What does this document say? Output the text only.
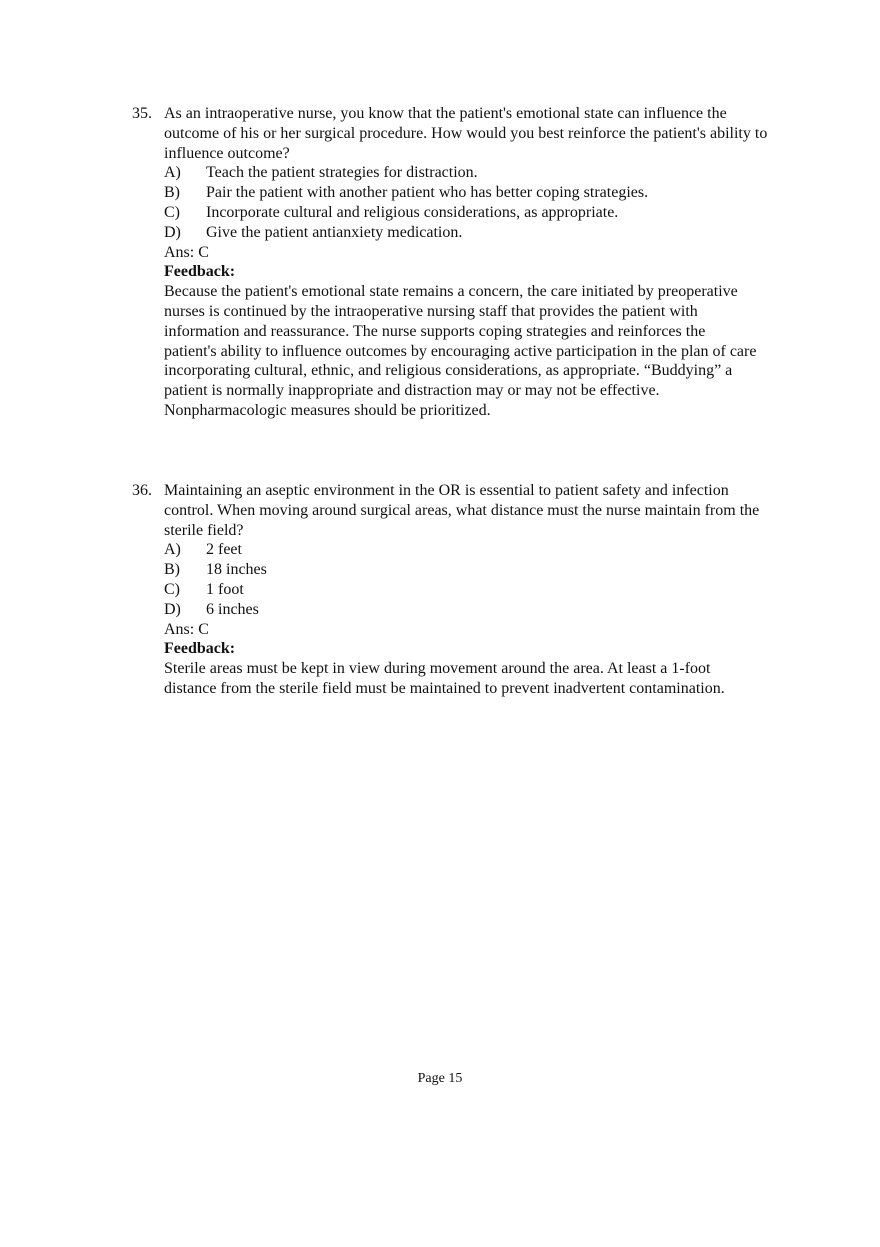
35. As an intraoperative nurse, you know that the patient's emotional state can influence the outcome of his or her surgical procedure. How would you best reinforce the patient's ability to influence outcome?
A) Teach the patient strategies for distraction.
B) Pair the patient with another patient who has better coping strategies.
C) Incorporate cultural and religious considerations, as appropriate.
D) Give the patient antianxiety medication.
Ans: C
Feedback:
Because the patient's emotional state remains a concern, the care initiated by preoperative nurses is continued by the intraoperative nursing staff that provides the patient with information and reassurance. The nurse supports coping strategies and reinforces the patient's ability to influence outcomes by encouraging active participation in the plan of care incorporating cultural, ethnic, and religious considerations, as appropriate. “Buddying” a patient is normally inappropriate and distraction may or may not be effective. Nonpharmacologic measures should be prioritized.
36. Maintaining an aseptic environment in the OR is essential to patient safety and infection control. When moving around surgical areas, what distance must the nurse maintain from the sterile field?
A) 2 feet
B) 18 inches
C) 1 foot
D) 6 inches
Ans: C
Feedback:
Sterile areas must be kept in view during movement around the area. At least a 1-foot distance from the sterile field must be maintained to prevent inadvertent contamination.
Page 15
